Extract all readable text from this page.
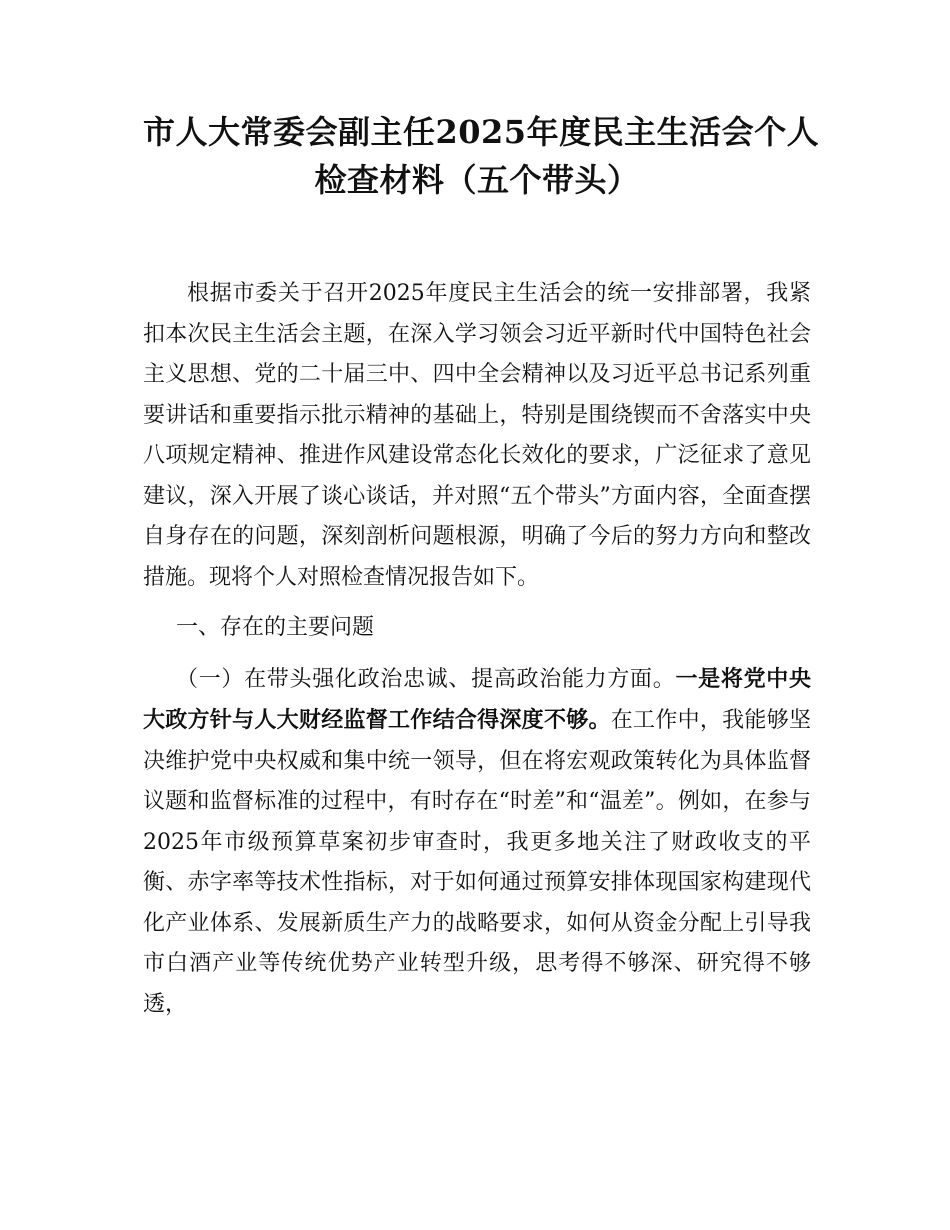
市人大常委会副主任2025年度民主生活会个人
检查材料（五个带头）

根据市委关于召开2025年度民主生活会的统一安排部署，我紧扣本次民主生活会主题，在深入学习领会习近平新时代中国特色社会主义思想、党的二十届三中、四中全会精神以及习近平总书记系列重要讲话和重要指示批示精神的基础上，特别是围绕锲而不舍落实中央八项规定精神、推进作风建设常态化长效化的要求，广泛征求了意见建议，深入开展了谈心谈话，并对照“五个带头”方面内容，全面查摆自身存在的问题，深刻剖析问题根源，明确了今后的努力方向和整改措施。现将个人对照检查情况报告如下。

一、存在的主要问题

（一）在带头强化政治忠诚、提高政治能力方面。一是将党中央大政方针与人大财经监督工作结合得深度不够。在工作中，我能够坚决维护党中央权威和集中统一领导，但在将宏观政策转化为具体监督议题和监督标准的过程中，有时存在“时差”和“温差”。例如，在参与2025年市级预算草案初步审查时，我更多地关注了财政收支的平衡、赤字率等技术性指标，对于如何通过预算安排体现国家构建现代化产业体系、发展新质生产力的战略要求，如何从资金分配上引导我市白酒产业等传统优势产业转型升级，思考得不够深、研究得不够透，
